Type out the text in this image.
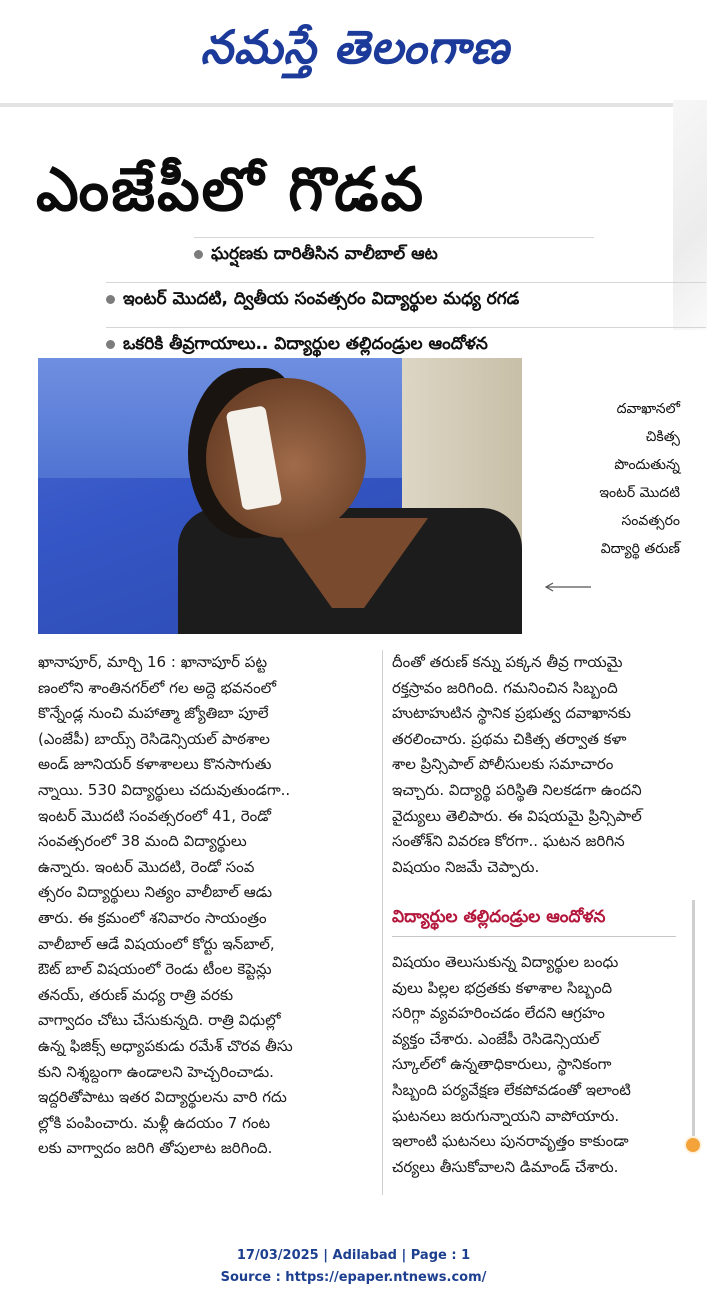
నమస్తే తెలంగాణ
ఎంజేపీలో గొడవ
ఘర్షణకు దారితీసిన వాలీబాల్ ఆట
ఇంటర్ మొదటి, ద్వితీయ సంవత్సరం విద్యార్థుల మధ్య రగడ
ఒకరికి తీవ్రగాయాలు.. విద్యార్థుల తల్లిదండ్రుల ఆందోళన
దవాఖానలో
చికిత్స
పొందుతున్న
ఇంటర్ మొదటి
సంవత్సరం
విద్యార్థి తరుణ్
ఖానాపూర్, మార్చి 16 : ఖానాపూర్ పట్ట
ణంలోని శాంతినగర్‌లో గల అద్దె భవనంలో
కొన్నేండ్ల నుంచి మహాత్మా జ్యోతిబా పూలే
(ఎంజేపీ) బాయ్స్ రెసిడెన్సియల్ పాఠశాల
అండ్ జూనియర్ కళాశాలలు కొనసాగుతు
న్నాయి. 530 విద్యార్థులు చదువుతుండగా..
ఇంటర్ మొదటి సంవత్సరంలో 41, రెండో
సంవత్సరంలో 38 మంది విద్యార్థులు
ఉన్నారు. ఇంటర్ మొదటి, రెండో సంవ
త్సరం విద్యార్థులు నిత్యం వాలీబాల్ ఆడు
తారు. ఈ క్రమంలో శనివారం సాయంత్రం
వాలీబాల్ ఆడే విషయంలో కోర్టు ఇన్‌బాల్,
ఔట్ బాల్ విషయంలో రెండు టీంల కెప్టెన్లు
తనయ్, తరుణ్ మధ్య రాత్రి వరకు
వాగ్వాదం చోటు చేసుకున్నది. రాత్రి విధుల్లో
ఉన్న ఫిజిక్స్ అధ్యాపకుడు రమేశ్ చొరవ తీసు
కుని నిశ్శబ్దంగా ఉండాలని హెచ్చరించాడు.
ఇద్దరితోపాటు ఇతర విద్యార్థులను వారి గదు
ల్లోకి పంపించారు. మళ్లీ ఉదయం 7 గంట
లకు వాగ్వాదం జరిగి తోపులాట జరిగింది.
దీంతో తరుణ్ కన్ను పక్కన తీవ్ర గాయమై
రక్తస్రావం జరిగింది. గమనించిన సిబ్బంది
హుటాహుటిన స్థానిక ప్రభుత్వ దవాఖానకు
తరలించారు. ప్రథమ చికిత్స తర్వాత కళా
శాల ప్రిన్సిపాల్ పోలీసులకు సమాచారం
ఇచ్చారు. విద్యార్థి పరిస్థితి నిలకడగా ఉందని
వైద్యులు తెలిపారు. ఈ విషయమై ప్రిన్సిపాల్
సంతోశ్‌ని వివరణ కోరగా.. ఘటన జరిగిన
విషయం నిజమే చెప్పారు.
విద్యార్థుల తల్లిదండ్రుల ఆందోళన
విషయం తెలుసుకున్న విద్యార్థుల బంధు
వులు పిల్లల భద్రతకు కళాశాల సిబ్బంది
సరిగ్గా వ్యవహరించడం లేదని ఆగ్రహం
వ్యక్తం చేశారు. ఎంజేపీ రెసిడెన్సియల్
స్కూల్‌లో ఉన్నతాధికారులు, స్థానికంగా
సిబ్బంది పర్యవేక్షణ లేకపోవడంతో ఇలాంటి
ఘటనలు జరుగున్నాయని వాపోయారు.
ఇలాంటి ఘటనలు పునరావృత్తం కాకుండా
చర్యలు తీసుకోవాలని డిమాండ్ చేశారు.
17/03/2025 | Adilabad | Page : 1
Source : https://epaper.ntnews.com/
